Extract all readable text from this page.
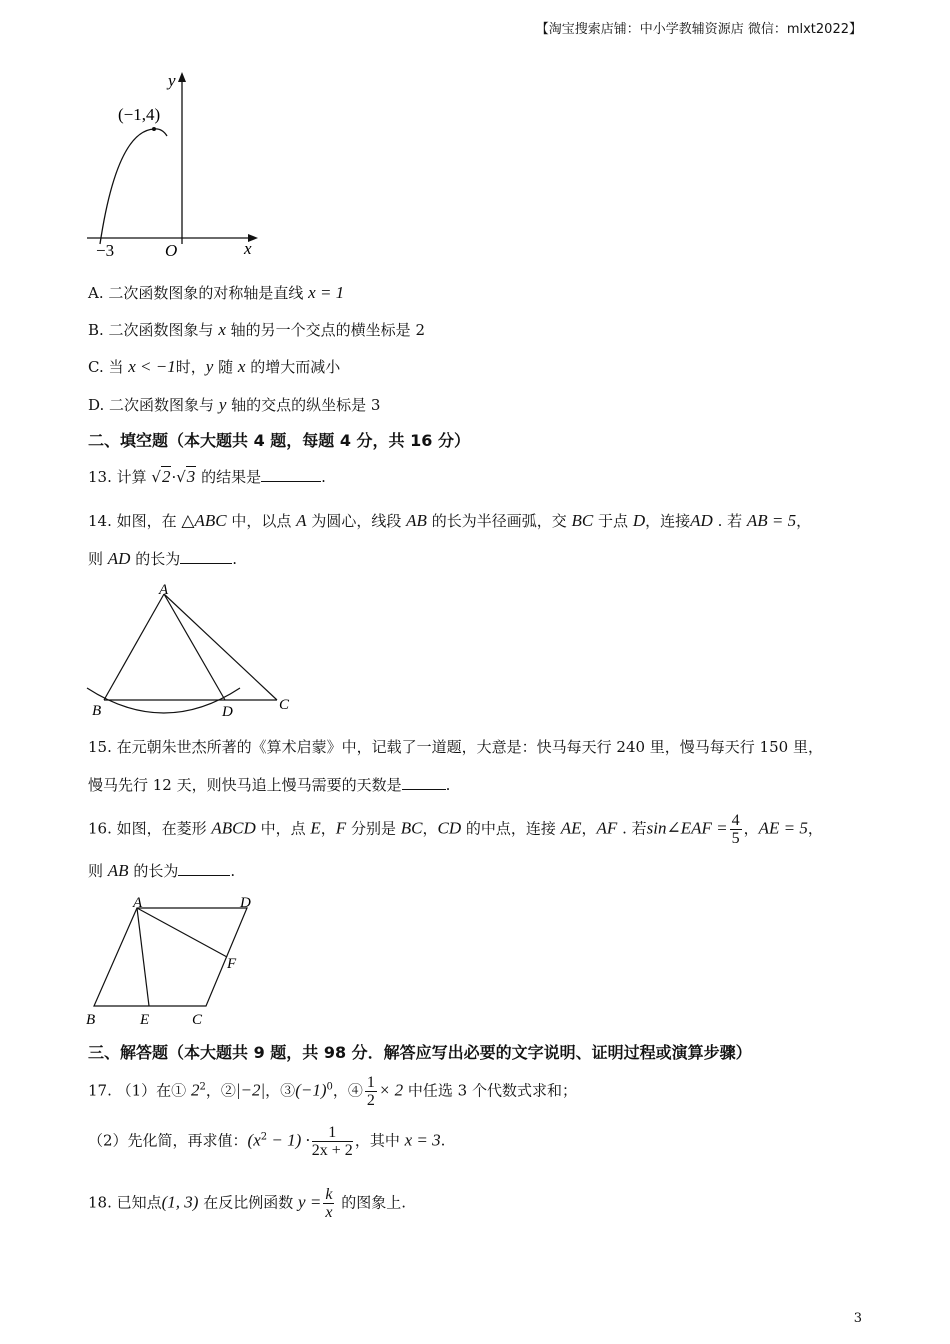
【淘宝搜索店铺：中小学教辅资源店 微信：mlxt2022】
(−1,4)
y
x
O
−3
A. 二次函数图象的对称轴是直线 x = 1
B. 二次函数图象与 x 轴的另一个交点的横坐标是 2
C. 当 x < −1时，y 随 x 的增大而减小
D. 二次函数图象与 y 轴的交点的纵坐标是 3
二、填空题（本大题共 4 题，每题 4 分，共 16 分）
13. 计算 √2·√3 的结果是	.
14. 如图，在 △ABC 中，以点 A 为圆心，线段 AB 的长为半径画弧，交 BC 于点 D，连接AD . 若 AB = 5，
则 AD 的长为	.
A
B	C
D
15. 在元朝朱世杰所著的《算术启蒙》中，记载了一道题，大意是：快马每天行 240 里，慢马每天行 150 里，
慢马先行 12 天，则快马追上慢马需要的天数是	.
16. 如图，在菱形 ABCD 中，点 E，F 分别是 BC，CD 的中点，连接 AE，AF . 若sin∠EAF = $\frac{4}{5}$ ，AE = 5，
则 AB 的长为	.
A	D
F
B	E	C
三、解答题（本大题共 9 题，共 98 分．解答应写出必要的文字说明、证明过程或演算步骤）
17. （1）在① $2^2$，②|−2|，$③(-1)^0$，④ $\frac{1}{2} \times 2$ 中任选 3 个代数式求和；
（2）先化简，再求值：$(x^2 - 1) \cdot \frac{1}{2x + 2}$ ，其中 x = 3.
18. 已知点(1, 3) 在反比例函数 $y = \frac{k}{x}$ 的图象上.
3
